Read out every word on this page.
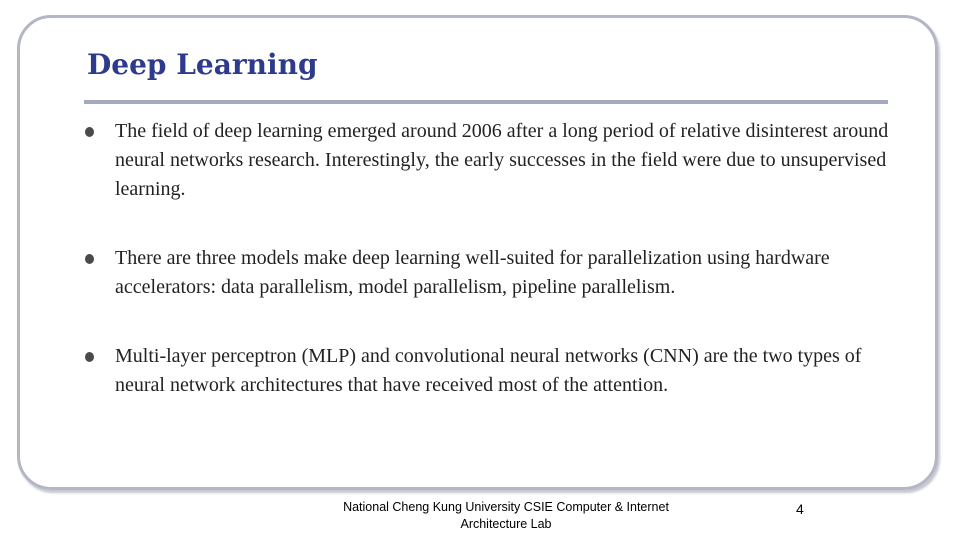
Deep Learning
The field of deep learning emerged around 2006 after a long period of relative disinterest around neural networks research. Interestingly, the early successes in the field were due to unsupervised learning.
There are three models make deep learning well-suited for parallelization using hardware accelerators: data parallelism, model parallelism, pipeline parallelism.
Multi-layer perceptron (MLP) and convolutional neural networks (CNN) are the two types of neural network architectures that have received most of the attention.
National Cheng Kung University CSIE Computer & Internet
Architecture Lab
4
